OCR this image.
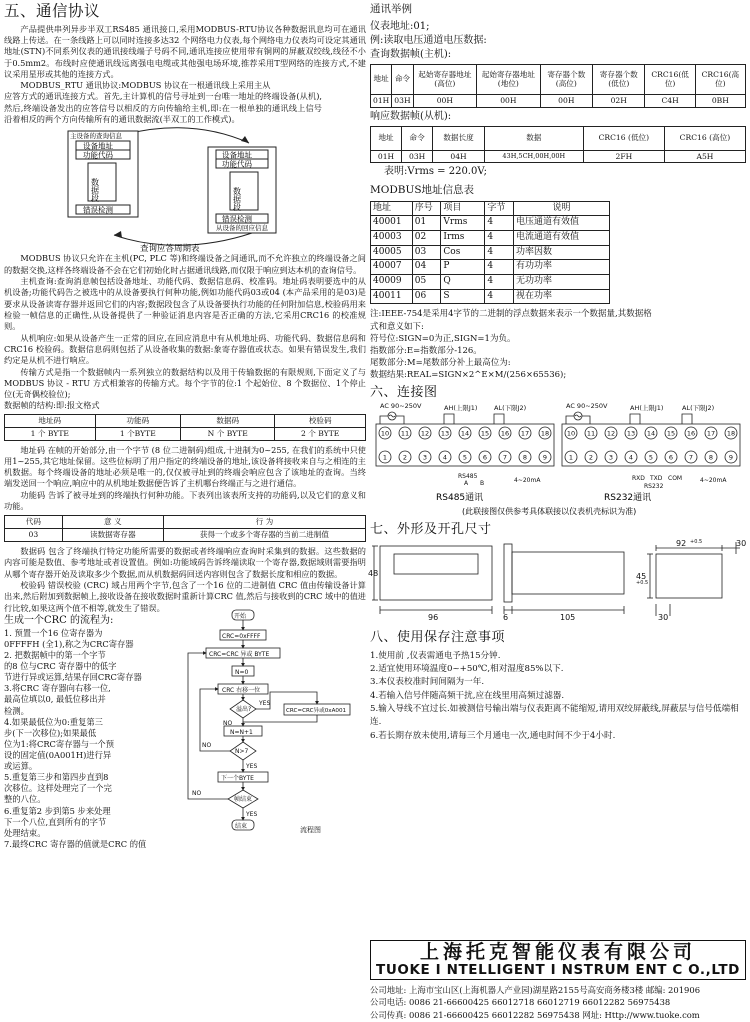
五、通信协议
产品提供串列异步半双工RS485 通讯接口,采用MODBUS-RTU协议各种数据讯息均可在通讯线路上传送。在一条线路上可以同时连接多达32 个网络电力仪表,每个网络电力仪表均可设定其通讯地址(STN)不同系列仪表的通讯接线端子号码不同,通讯连接应使用带有铜网的屏蔽双绞线,线径不小于0.5mm2。布线时应使通讯线远离强电电缆或其他强电场环境,推荐采用T型网络的连接方式,不建议采用星形或其他的连接方式。
MODBUS_RTU 通讯协议:MODBUS 协议在一根通讯线上采用主从
应答方式的通讯连接方式。首先,主计算机的信号寻址到一台唯一地址的终端设备(从机),然后,终端设备发出的应答信号以相反的方向传输给主机,即:在一根单独的通讯线上信号沿着相反的两个方向传输所有的通讯数据流(半双工的工作模式)。
主设备的查询信息
设备地址
功能代码
数据段
错误检测
设备地址
功能代码
数据段
错误检测
从设备的回应信息
查询应答周期表
MODBUS 协议只允许在主机(PC, PLC 等)和终端设备之间通讯,而不允许独立的终端设备之间的数据交换,这样各终端设备不会在它们初始化时占据通讯线路,而仅限于响应到达本机的查询信号。
主机查询:查询消息帧包括设备地址、功能代码、数据信息码、校准码。地址码表明要选中的从机设备;功能代码告之被选中的从设备要执行何种功能,例如功能代码03或04 (本产品采用的是03)是要求从设备读寄存器并返回它们的内容;数据段包含了从设备要执行功能的任何附加信息,校验码用来检验一帧信息的正确性,从设备提供了一种验证消息内容是否正确的方法,它采用CRC16 的校准规则。
从机响应:如果从设备产生一正常的回应,在回应消息中有从机地址码、功能代码、数据信息码和CRC16 校验码。数据信息码则包括了从设备收集的数据:象寄存器值或状态。如果有错误发生,我们约定是从机不进行响应。
传输方式是指一个数据帧内一系列独立的数据结构以及用于传输数据的有限规则,下面定义了与MODBUS 协议 - RTU 方式相兼容的传输方式。每个字节的位:1 个起始位、8 个数据位、1个停止位(无奇偶校验位);
数据帧的结构:即:报文格式
地址码	功能码	数据码	校验码
1 个 BYTE	1 个BYTE	N 个 BYTE	2 个 BYTE
地址码 在帧的开始部分,由一个字节 (8 位二进制码)组成,十进制为0~255, 在我们的系统中只使用1~255,其它地址保留。这些位标明了用户指定的终端设备的地址,该设备将接收来自与之相连的主机数据。每个终端设备的地址必须是唯一的,仅仅被寻址到的终端会响应包含了该地址的查询。当终端发送回一个响应,响应中的从机地址数据便告诉了主机哪台终端正与之进行通信。
功能码 告诉了被寻址到的终端执行何种功能。下表列出该表所支持的功能码,以及它们的意义和功能。
代码	意 义	行 为
03	读数据寄存器	获得一个或多个寄存器的当前二进制值
数据码 包含了终端执行特定功能所需要的数据或者终端响应查询时采集到的数据。这些数据的内容可能是数值、参考地址或者设置值。例如:功能域码告诉终端读取一个寄存器,数据域则需要指明从哪个寄存器开始及读取多少个数据,而从机数据码回送内容则包含了数据长度和相应的数据。
校验码 错误校验 (CRC) 域占用两个字节,包含了一个16 位的二进制值 CRC 值由传输设备计算出来,然后附加到数据帧上,接收设备在接收数据时重新计算CRC 值,然后与接收到的CRC 域中的值进行比较,如果这两个值不相等,就发生了错误。
生成一个CRC 的流程为:
1. 预置一个16 位寄存器为
0FFFFH (全1),称之为CRC寄存器
2. 把数据帧中的第一个字节
的8 位与CRC 寄存器中的低字
节进行异或运算,结果存回CRC寄存器
3.将CRC 寄存器向右移一位,
最高位填以0, 最低位移出并
检测。
4.如果最低位为0:重复第三
步(下一次移位);如果最低
位为1:将CRC寄存器与一个预
设的固定值(0A001H)进行异
或运算。
5.重复第三步和第四步直到8
次移位。这样处理完了一个完
整的八位。
6.重复第2 步到第5 步来处理
下一个八位,直到所有的字节
处理结束。
7.最终CRC 寄存器的值就是CRC 的值
开始
CRC=0xFFFF
CRC=CRC 异或 BYTE
N=0
CRC 右移一位
溢出?
YES
NO
CRC=CRC异或0xA001
N=N+1
N>7
NO
YES
下一个BYTE
帧结束
NO
YES
结束	流程图
通讯举例
仪表地址:01;
例:读取电压通道电压数据:
查询数据帧(主机):
地址	命令	起始寄存器地址(高位)	起始寄存器地址(地位)	寄存器个数(高位)	寄存器个数(低位)	CRC16(低位)	CRC16(高位)
01H	03H	00H	00H	00H	02H	C4H	0BH
响应数据帧(从机):
地址	命令	数据长度	数据	CRC16 (低位)	CRC16 (高位)
01H	03H	04H	43H,5CH,00H,00H	2FH	A5H
表明:Vrms = 220.0V;
MODBUS地址信息表
地址	序号	项目	字节	说明
40001	01	Vrms	4	电压通道有效值
40003	02	Irms	4	电流通道有效值
40005	03	Cos	4	功率因数
40007	04	P	4	有功功率
40009	05	Q	4	无功功率
40011	06	S	4	视在功率
注:IEEE-754是采用4字节的二进制的浮点数据来表示一个数据量,其数据格
式和意义如下:
符号位:SIGN=0为正,SIGN=1为负。
指数部分:E=指数部分-126。
尾数部分:M=尾数部分补上最高位为:
数据结果:REAL=SIGN×2^E×M/(256×65536);
六、连接图
AC 90~250V	AH(上限J1)	AL(下限J2)	AC 90~250V	AH(上限J1)	AL(下限J2)
10
1
11
2
12
3
13
4
14
5
15
6
16
7
17
8
18
9
10
1
11
2
12
3
13
4
14
5
15
6
16
7
17
8
18
9
RS485
A B	4~20mA	RXD TXD COM
RS232
4~20mA
RS485通讯	RS232通讯
(此联接图仅供参考具体联接以仪表机壳标识为准)
七、外形及开孔尺寸
48
96	6	105
92 +0.5
45
+0.5
30
30
八、使用保存注意事项
1.使用前 ,仪表需通电予热15分钟.
2.适宜使用环境温度0~+50℃,相对湿度85%以下.
3.本仪表校准时间间隔为一年.
4.若输入信号伴随高频干扰,应在线里用高频过滤器.
5.输入导线不宜过长.如被测信号输出端与仪表距离不能缩短,请用双绞屏蔽线,屏蔽层与信号低端相连.
6.若长期存放未使用,请每三个月通电一次,通电时间不少于4小时.
上海托克智能仪表有限公司
TUOKE I NTELLIGENT I NSTRUM ENT C O.,LTD
公司地址: 上海市宝山区(上海机器人产业园)湖星路2155号高安商务楼3楼 邮编: 201906
公司电话: 0086 21-66600425 66012718 66012719 66012282 56975438
公司传真: 0086 21-66600425 66012282 56975438 网址: Http://www.tuoke.com
